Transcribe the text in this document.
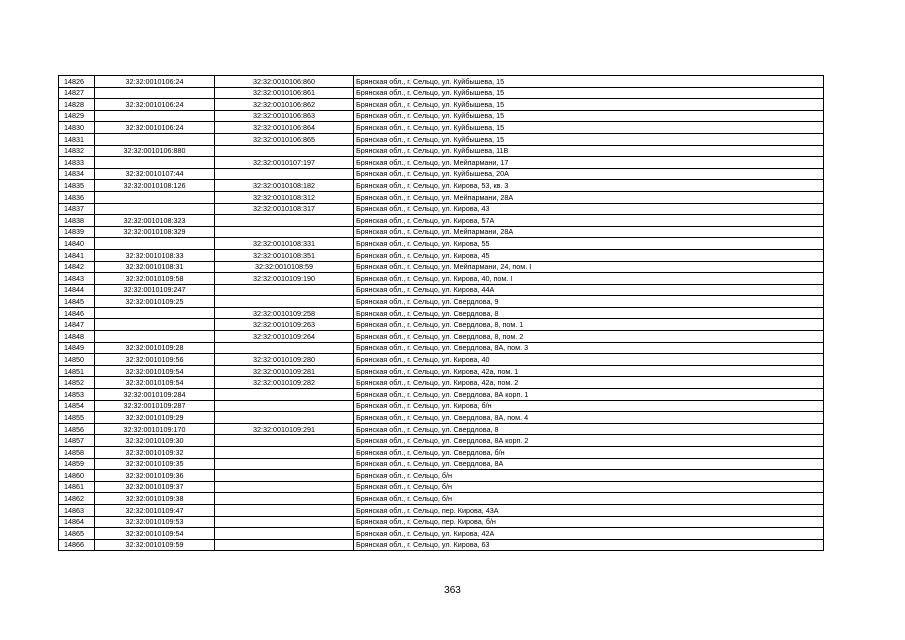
14826	32:32:0010106:24	32:32:0010106:860	Брянская обл., г. Сельцо, ул. Куйбышева, 15
14827		32:32:0010106:861	Брянская обл., г. Сельцо, ул. Куйбышева, 15
14828	32:32:0010106:24	32:32:0010106:862	Брянская обл., г. Сельцо, ул. Куйбышева, 15
14829		32:32:0010106:863	Брянская обл., г. Сельцо, ул. Куйбышева, 15
14830	32:32:0010106:24	32:32:0010106:864	Брянская обл., г. Сельцо, ул. Куйбышева, 15
14831		32:32:0010106:865	Брянская обл., г. Сельцо, ул. Куйбышева, 15
14832	32:32:0010106:880		Брянская обл., г. Сельцо, ул. Куйбышева, 11В
14833		32:32:0010107:197	Брянская обл., г. Сельцо, ул. Мейпармани, 17
14834	32:32:0010107:44		Брянская обл., г. Сельцо, ул. Куйбышева, 20А
14835	32:32:0010108:126	32:32:0010108:182	Брянская обл., г. Сельцо, ул. Кирова, 53, кв. 3
14836		32:32:0010108:312	Брянская обл., г. Сельцо, ул. Мейпармани, 28А
14837		32:32:0010108:317	Брянская обл., г. Сельцо, ул. Кирова, 43
14838	32:32:0010108:323		Брянская обл., г. Сельцо, ул. Кирова, 57А
14839	32:32:0010108:329		Брянская обл., г. Сельцо, ул. Мейпармани, 28А
14840		32:32:0010108:331	Брянская обл., г. Сельцо, ул. Кирова, 55
14841	32:32:0010108:33	32:32:0010108:351	Брянская обл., г. Сельцо, ул. Кирова, 45
14842	32:32:0010108:31	32:32:0010108:59	Брянская обл., г. Сельцо, ул. Мейпармани, 24, пом. I
14843	32:32:0010109:58	32:32:0010109:190	Брянская обл., г. Сельцо, ул. Кирова, 40, пом. I
14844	32:32:0010109:247		Брянская обл., г. Сельцо, ул. Кирова, 44А
14845	32:32:0010109:25		Брянская обл., г. Сельцо, ул. Свердлова, 9
14846		32:32:0010109:258	Брянская обл., г. Сельцо, ул. Свердлова, 8
14847		32:32:0010109:263	Брянская обл., г. Сельцо, ул. Свердлова, 8, пом. 1
14848		32:32:0010109:264	Брянская обл., г. Сельцо, ул. Свердлова, 8, пом. 2
14849	32:32:0010109:28		Брянская обл., г. Сельцо, ул. Свердлова, 8А, пом. 3
14850	32:32:0010109:56	32:32:0010109:280	Брянская обл., г. Сельцо, ул. Кирова, 40
14851	32:32:0010109:54	32:32:0010109:281	Брянская обл., г. Сельцо, ул. Кирова, 42а, пом. 1
14852	32:32:0010109:54	32:32:0010109:282	Брянская обл., г. Сельцо, ул. Кирова, 42а, пом. 2
14853	32:32:0010109:284		Брянская обл., г. Сельцо, ул. Свердлова, 8А корп. 1
14854	32:32:0010109:287		Брянская обл., г. Сельцо, ул. Кирова, б/н
14855	32:32:0010109:29		Брянская обл., г. Сельцо, ул. Свердлова, 8А, пом. 4
14856	32:32:0010109:170	32:32:0010109:291	Брянская обл., г. Сельцо, ул. Свердлова, 8
14857	32:32:0010109:30		Брянская обл., г. Сельцо, ул. Свердлова, 8А корп. 2
14858	32:32:0010109:32		Брянская обл., г. Сельцо, ул. Свердлова, б/н
14859	32:32:0010109:35		Брянская обл., г. Сельцо, ул. Свердлова, 8А
14860	32:32:0010109:36		Брянская обл., г. Сельцо, б/н
14861	32:32:0010109:37		Брянская обл., г. Сельцо, б/н
14862	32:32:0010109:38		Брянская обл., г. Сельцо, б/н
14863	32:32:0010109:47		Брянская обл., г. Сельцо, пер. Кирова, 43А
14864	32:32:0010109:53		Брянская обл., г. Сельцо, пер. Кирова, б/н
14865	32:32:0010109:54		Брянская обл., г. Сельцо, ул. Кирова, 42А
14866	32:32:0010109:59		Брянская обл., г. Сельцо, ул. Кирова, 63
363
